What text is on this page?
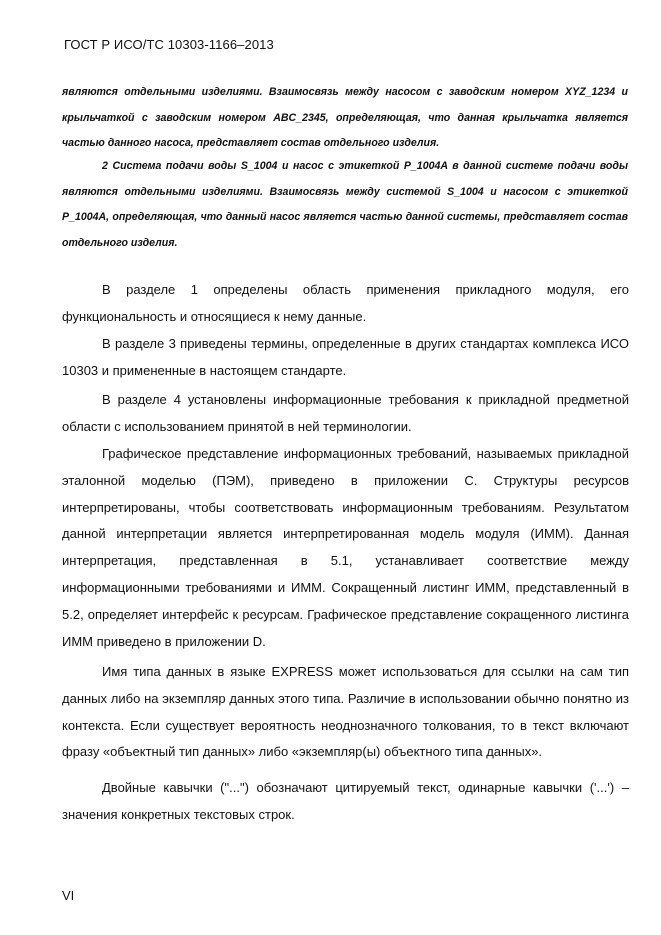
ГОСТ Р ИСО/ТС 10303-1166–2013
являются отдельными изделиями. Взаимосвязь между насосом с заводским номером XYZ_1234 и крыльчаткой с заводским номером ABC_2345, определяющая, что данная крыльчатка является частью данного насоса, представляет состав отдельного изделия.
2 Система подачи воды S_1004 и насос с этикеткой P_1004A в данной системе подачи воды являются отдельными изделиями. Взаимосвязь между системой S_1004 и насосом с этикеткой P_1004A, определяющая, что данный насос является частью данной системы, представляет состав отдельного изделия.

В разделе 1 определены область применения прикладного модуля, его функциональность и относящиеся к нему данные.

В разделе 3 приведены термины, определенные в других стандартах комплекса ИСО 10303 и примененные в настоящем стандарте.

В разделе 4 установлены информационные требования к прикладной предметной области с использованием принятой в ней терминологии.

Графическое представление информационных требований, называемых прикладной эталонной моделью (ПЭМ), приведено в приложении С. Структуры ресурсов интерпретированы, чтобы соответствовать информационным требованиям. Результатом данной интерпретации является интерпретированная модель модуля (ИММ). Данная интерпретация, представленная в 5.1, устанавливает соответствие между информационными требованиями и ИММ. Сокращенный листинг ИММ, представленный в 5.2, определяет интерфейс к ресурсам. Графическое представление сокращенного листинга ИММ приведено в приложении D.

Имя типа данных в языке EXPRESS может использоваться для ссылки на сам тип данных либо на экземпляр данных этого типа. Различие в использовании обычно понятно из контекста. Если существует вероятность неоднозначного толкования, то в текст включают фразу «объектный тип данных» либо «экземпляр(ы) объектного типа данных».

Двойные кавычки ("...") обозначают цитируемый текст, одинарные кавычки ('...') – значения конкретных текстовых строк.

VI
